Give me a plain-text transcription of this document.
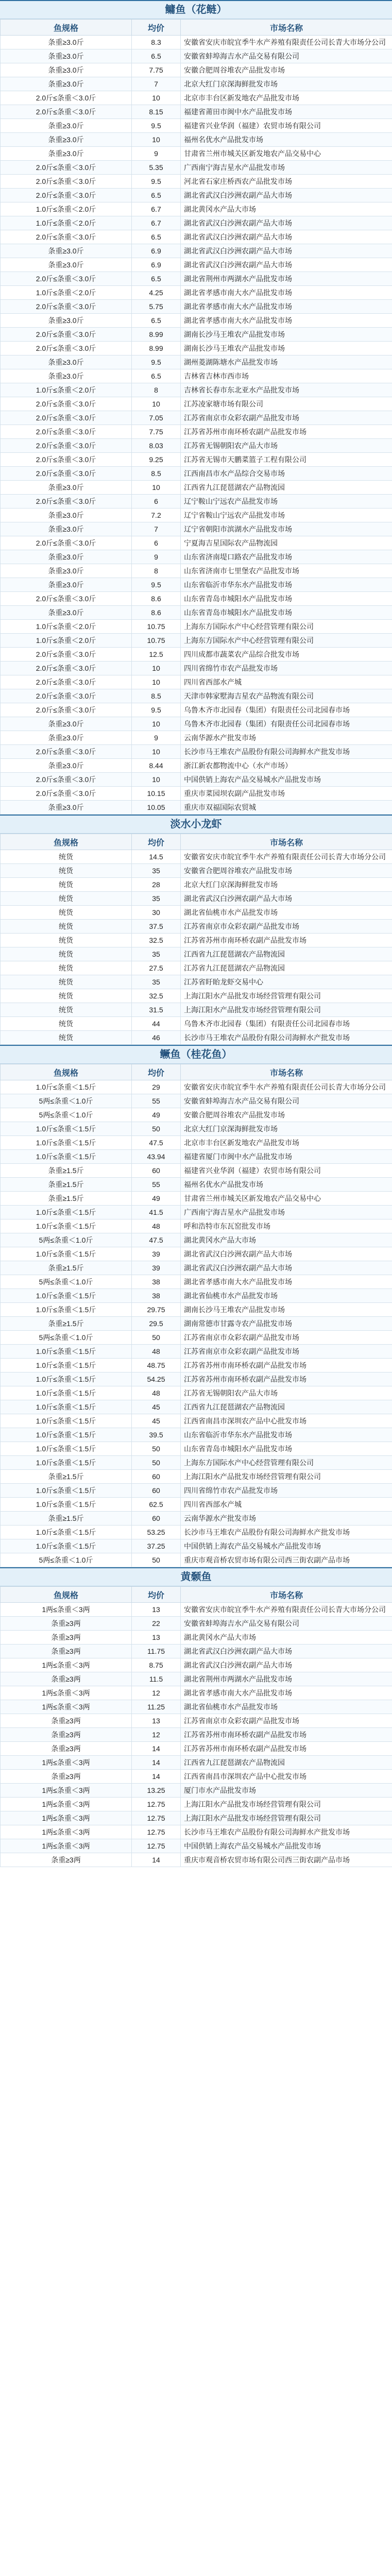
鳙鱼（花鲢）
鱼规格	均价	市场名称
条重≥3.0斤	8.3	安徽省安庆市皖宜季牛水产养殖有限责任公司长青大市场分公司
条重≥3.0斤	6.5	安徽省蚌埠海吉水产品交易有限公司
条重≥3.0斤	7.75	安徽合肥周谷堆农产品批发市场
条重≥3.0斤	7	北京大红门京深海鲜批发市场
2.0斤≤条重＜3.0斤	10	北京市丰台区新发地农产品批发市场
2.0斤≤条重＜3.0斤	8.15	福建省莆田市闽中水产品批发市场
条重≥3.0斤	9.5	福建省兴业华润（福建）农贸市场有限公司
条重≥3.0斤	10	福州名优水产品批发市场
条重≥3.0斤	9	甘肃省兰州市城关区新发地农产品交易中心
2.0斤≤条重＜3.0斤	5.35	广西南宁海吉星水产品批发市场
2.0斤≤条重＜3.0斤	9.5	河北省石家庄桥西农产品批发市场
2.0斤≤条重＜3.0斤	6.5	湖北省武汉白沙洲农副产品大市场
1.0斤≤条重＜2.0斤	6.7	湖北黄冈水产品大市场
1.0斤≤条重＜2.0斤	6.7	湖北省武汉白沙洲农副产品大市场
2.0斤≤条重＜3.0斤	6.5	湖北省武汉白沙洲农副产品大市场
条重≥3.0斤	6.9	湖北省武汉白沙洲农副产品大市场
条重≥3.0斤	6.9	湖北省武汉白沙洲农副产品大市场
2.0斤≤条重＜3.0斤	6.5	湖北省荆州市两湖水产品批发市场
1.0斤≤条重＜2.0斤	4.25	湖北省孝感市南大水产品批发市场
2.0斤≤条重＜3.0斤	5.75	湖北省孝感市南大水产品批发市场
条重≥3.0斤	6.5	湖北省孝感市南大水产品批发市场
2.0斤≤条重＜3.0斤	8.99	湖南长沙马王堆农产品批发市场
2.0斤≤条重＜3.0斤	8.99	湖南长沙马王堆农产品批发市场
条重≥3.0斤	9.5	湖州菱湖陈塘水产品批发市场
条重≥3.0斤	6.5	吉林省吉林市西市场
1.0斤≤条重＜2.0斤	8	吉林省长春市东北亚水产品批发市场
2.0斤≤条重＜3.0斤	10	江苏凌家塘市场有限公司
2.0斤≤条重＜3.0斤	7.05	江苏省南京市众彩农副产品批发市场
2.0斤≤条重＜3.0斤	7.75	江苏省苏州市南环桥农副产品批发市场
2.0斤≤条重＜3.0斤	8.03	江苏省无锡朝阳农产品大市场
2.0斤≤条重＜3.0斤	9.25	江苏省无锡市天鹏菜篮子工程有限公司
2.0斤≤条重＜3.0斤	8.5	江西南昌市水产品综合交易市场
条重≥3.0斤	10	江西省九江琵琶湖农产品物流园
2.0斤≤条重＜3.0斤	6	辽宁鞍山宁远农产品批发市场
条重≥3.0斤	7.2	辽宁省鞍山宁远农产品批发市场
条重≥3.0斤	7	辽宁省朝阳市滨湖水产品批发市场
2.0斤≤条重＜3.0斤	6	宁夏海吉星国际农产品物流园
条重≥3.0斤	9	山东省济南堤口路农产品批发市场
条重≥3.0斤	8	山东省济南市七里堡农产品批发市场
条重≥3.0斤	9.5	山东省临沂市华东水产品批发市场
2.0斤≤条重＜3.0斤	8.6	山东省青岛市城阳水产品批发市场
条重≥3.0斤	8.6	山东省青岛市城阳水产品批发市场
1.0斤≤条重＜2.0斤	10.75	上海东方国际水产中心经营管理有限公司
1.0斤≤条重＜2.0斤	10.75	上海东方国际水产中心经营管理有限公司
2.0斤≤条重＜3.0斤	12.5	四川成都市蔬菜农产品综合批发市场
2.0斤≤条重＜3.0斤	10	四川省绵竹市农产品批发市场
2.0斤≤条重＜3.0斤	10	四川省西部水产城
2.0斤≤条重＜3.0斤	8.5	天津市韩家墅海吉星农产品物流有限公司
2.0斤≤条重＜3.0斤	9.5	乌鲁木齐市北园春（集团）有限责任公司北园春市场
条重≥3.0斤	10	乌鲁木齐市北园春（集团）有限责任公司北园春市场
条重≥3.0斤	9	云南华源水产批发市场
2.0斤≤条重＜3.0斤	10	长沙市马王堆农产品股份有限公司海鲜水产批发市场
条重≥3.0斤	8.44	浙江新农都物流中心（水产市场）
2.0斤≤条重＜3.0斤	10	中国供销上海农产品交易城水产品批发市场
2.0斤≤条重＜3.0斤	10.15	重庆市菜园坝农副产品批发市场
条重≥3.0斤	10.05	重庆市双福国际农贸城
淡水小龙虾
鱼规格	均价	市场名称
统货	14.5	安徽省安庆市皖宜季牛水产养殖有限责任公司长青大市场分公司
统货	35	安徽省合肥周谷堆农产品批发市场
统货	28	北京大红门京深海鲜批发市场
统货	35	湖北省武汉白沙洲农副产品大市场
统货	30	湖北省仙桃市水产品批发市场
统货	37.5	江苏省南京市众彩农副产品批发市场
统货	32.5	江苏省苏州市南环桥农副产品批发市场
统货	35	江西省九江琵琶湖农产品物流园
统货	27.5	江苏省九江琵琶湖农产品物流园
统货	35	江苏省盱眙龙虾交易中心
统货	32.5	上海江阳水产品批发市场经营管理有限公司
统货	31.5	上海江阳水产品批发市场经营管理有限公司
统货	44	乌鲁木齐市北园春（集团）有限责任公司北园春市场
统货	46	长沙市马王堆农产品股份有限公司海鲜水产批发市场
鳜鱼（桂花鱼）
鱼规格	均价	市场名称
1.0斤≤条重＜1.5斤	29	安徽省安庆市皖宜季牛水产养殖有限责任公司长青大市场分公司
5两≤条重＜1.0斤	55	安徽省蚌埠海吉水产品交易有限公司
5两≤条重＜1.0斤	49	安徽合肥周谷堆农产品批发市场
1.0斤≤条重＜1.5斤	50	北京大红门京深海鲜批发市场
1.0斤≤条重＜1.5斤	47.5	北京市丰台区新发地农产品批发市场
1.0斤≤条重＜1.5斤	43.94	福建省厦门市闽中水产品批发市场
条重≥1.5斤	60	福建省兴业华润（福建）农贸市场有限公司
条重≥1.5斤	55	福州名优水产品批发市场
条重≥1.5斤	49	甘肃省兰州市城关区新发地农产品交易中心
1.0斤≤条重＜1.5斤	41.5	广西南宁海吉星水产品批发市场
1.0斤≤条重＜1.5斤	48	呼和浩特市东瓦窑批发市场
5两≤条重＜1.0斤	47.5	湖北黄冈水产品大市场
1.0斤≤条重＜1.5斤	39	湖北省武汉白沙洲农副产品大市场
条重≥1.5斤	39	湖北省武汉白沙洲农副产品大市场
5两≤条重＜1.0斤	38	湖北省孝感市南大水产品批发市场
1.0斤≤条重＜1.5斤	38	湖北省仙桃市水产品批发市场
1.0斤≤条重＜1.5斤	29.75	湖南长沙马王堆农产品批发市场
条重≥1.5斤	29.5	湖南常德市甘露寺农产品批发市场
5两≤条重＜1.0斤	50	江苏省南京市众彩农副产品批发市场
1.0斤≤条重＜1.5斤	48	江苏省南京市众彩农副产品批发市场
1.0斤≤条重＜1.5斤	48.75	江苏省苏州市南环桥农副产品批发市场
1.0斤≤条重＜1.5斤	54.25	江苏省苏州市南环桥农副产品批发市场
1.0斤≤条重＜1.5斤	48	江苏省无锡朝阳农产品大市场
1.0斤≤条重＜1.5斤	45	江西省九江琵琶湖农产品物流园
1.0斤≤条重＜1.5斤	45	江西省南昌市深圳农产品中心批发市场
1.0斤≤条重＜1.5斤	39.5	山东省临沂市华东水产品批发市场
1.0斤≤条重＜1.5斤	50	山东省青岛市城阳水产品批发市场
1.0斤≤条重＜1.5斤	50	上海东方国际水产中心经营管理有限公司
条重≥1.5斤	60	上海江阳水产品批发市场经营管理有限公司
1.0斤≤条重＜1.5斤	60	四川省绵竹市农产品批发市场
1.0斤≤条重＜1.5斤	62.5	四川省西部水产城
条重≥1.5斤	60	云南华源水产批发市场
1.0斤≤条重＜1.5斤	53.25	长沙市马王堆农产品股份有限公司海鲜水产批发市场
1.0斤≤条重＜1.5斤	37.25	中国供销上海农产品交易城水产品批发市场
5两≤条重＜1.0斤	50	重庆市观音桥农贸市场有限公司西三街农副产品市场
黄颡鱼
鱼规格	均价	市场名称
1两≤条重＜3两	13	安徽省安庆市皖宜季牛水产养殖有限责任公司长青大市场分公司
条重≥3两	22	安徽省蚌埠海吉水产品交易有限公司
条重≥3两	13	湖北黄冈水产品大市场
条重≥3两	11.75	湖北省武汉白沙洲农副产品大市场
1两≤条重＜3两	8.75	湖北省武汉白沙洲农副产品大市场
条重≥3两	11.5	湖北省荆州市两湖水产品批发市场
1两≤条重＜3两	12	湖北省孝感市南大水产品批发市场
1两≤条重＜3两	11.25	湖北省仙桃市水产品批发市场
条重≥3两	13	江苏省南京市众彩农副产品批发市场
条重≥3两	12	江苏省苏州市南环桥农副产品批发市场
条重≥3两	14	江苏省苏州市南环桥农副产品批发市场
1两≤条重＜3两	14	江西省九江琵琶湖农产品物流园
条重≥3两	14	江西省南昌市深圳农产品中心批发市场
1两≤条重＜3两	13.25	厦门市水产品批发市场
1两≤条重＜3两	12.75	上海江阳水产品批发市场经营管理有限公司
1两≤条重＜3两	12.75	上海江阳水产品批发市场经营管理有限公司
1两≤条重＜3两	12.75	长沙市马王堆农产品股份有限公司海鲜水产批发市场
1两≤条重＜3两	12.75	中国供销上海农产品交易城水产品批发市场
条重≥3两	14	重庆市观音桥农贸市场有限公司西三街农副产品市场
